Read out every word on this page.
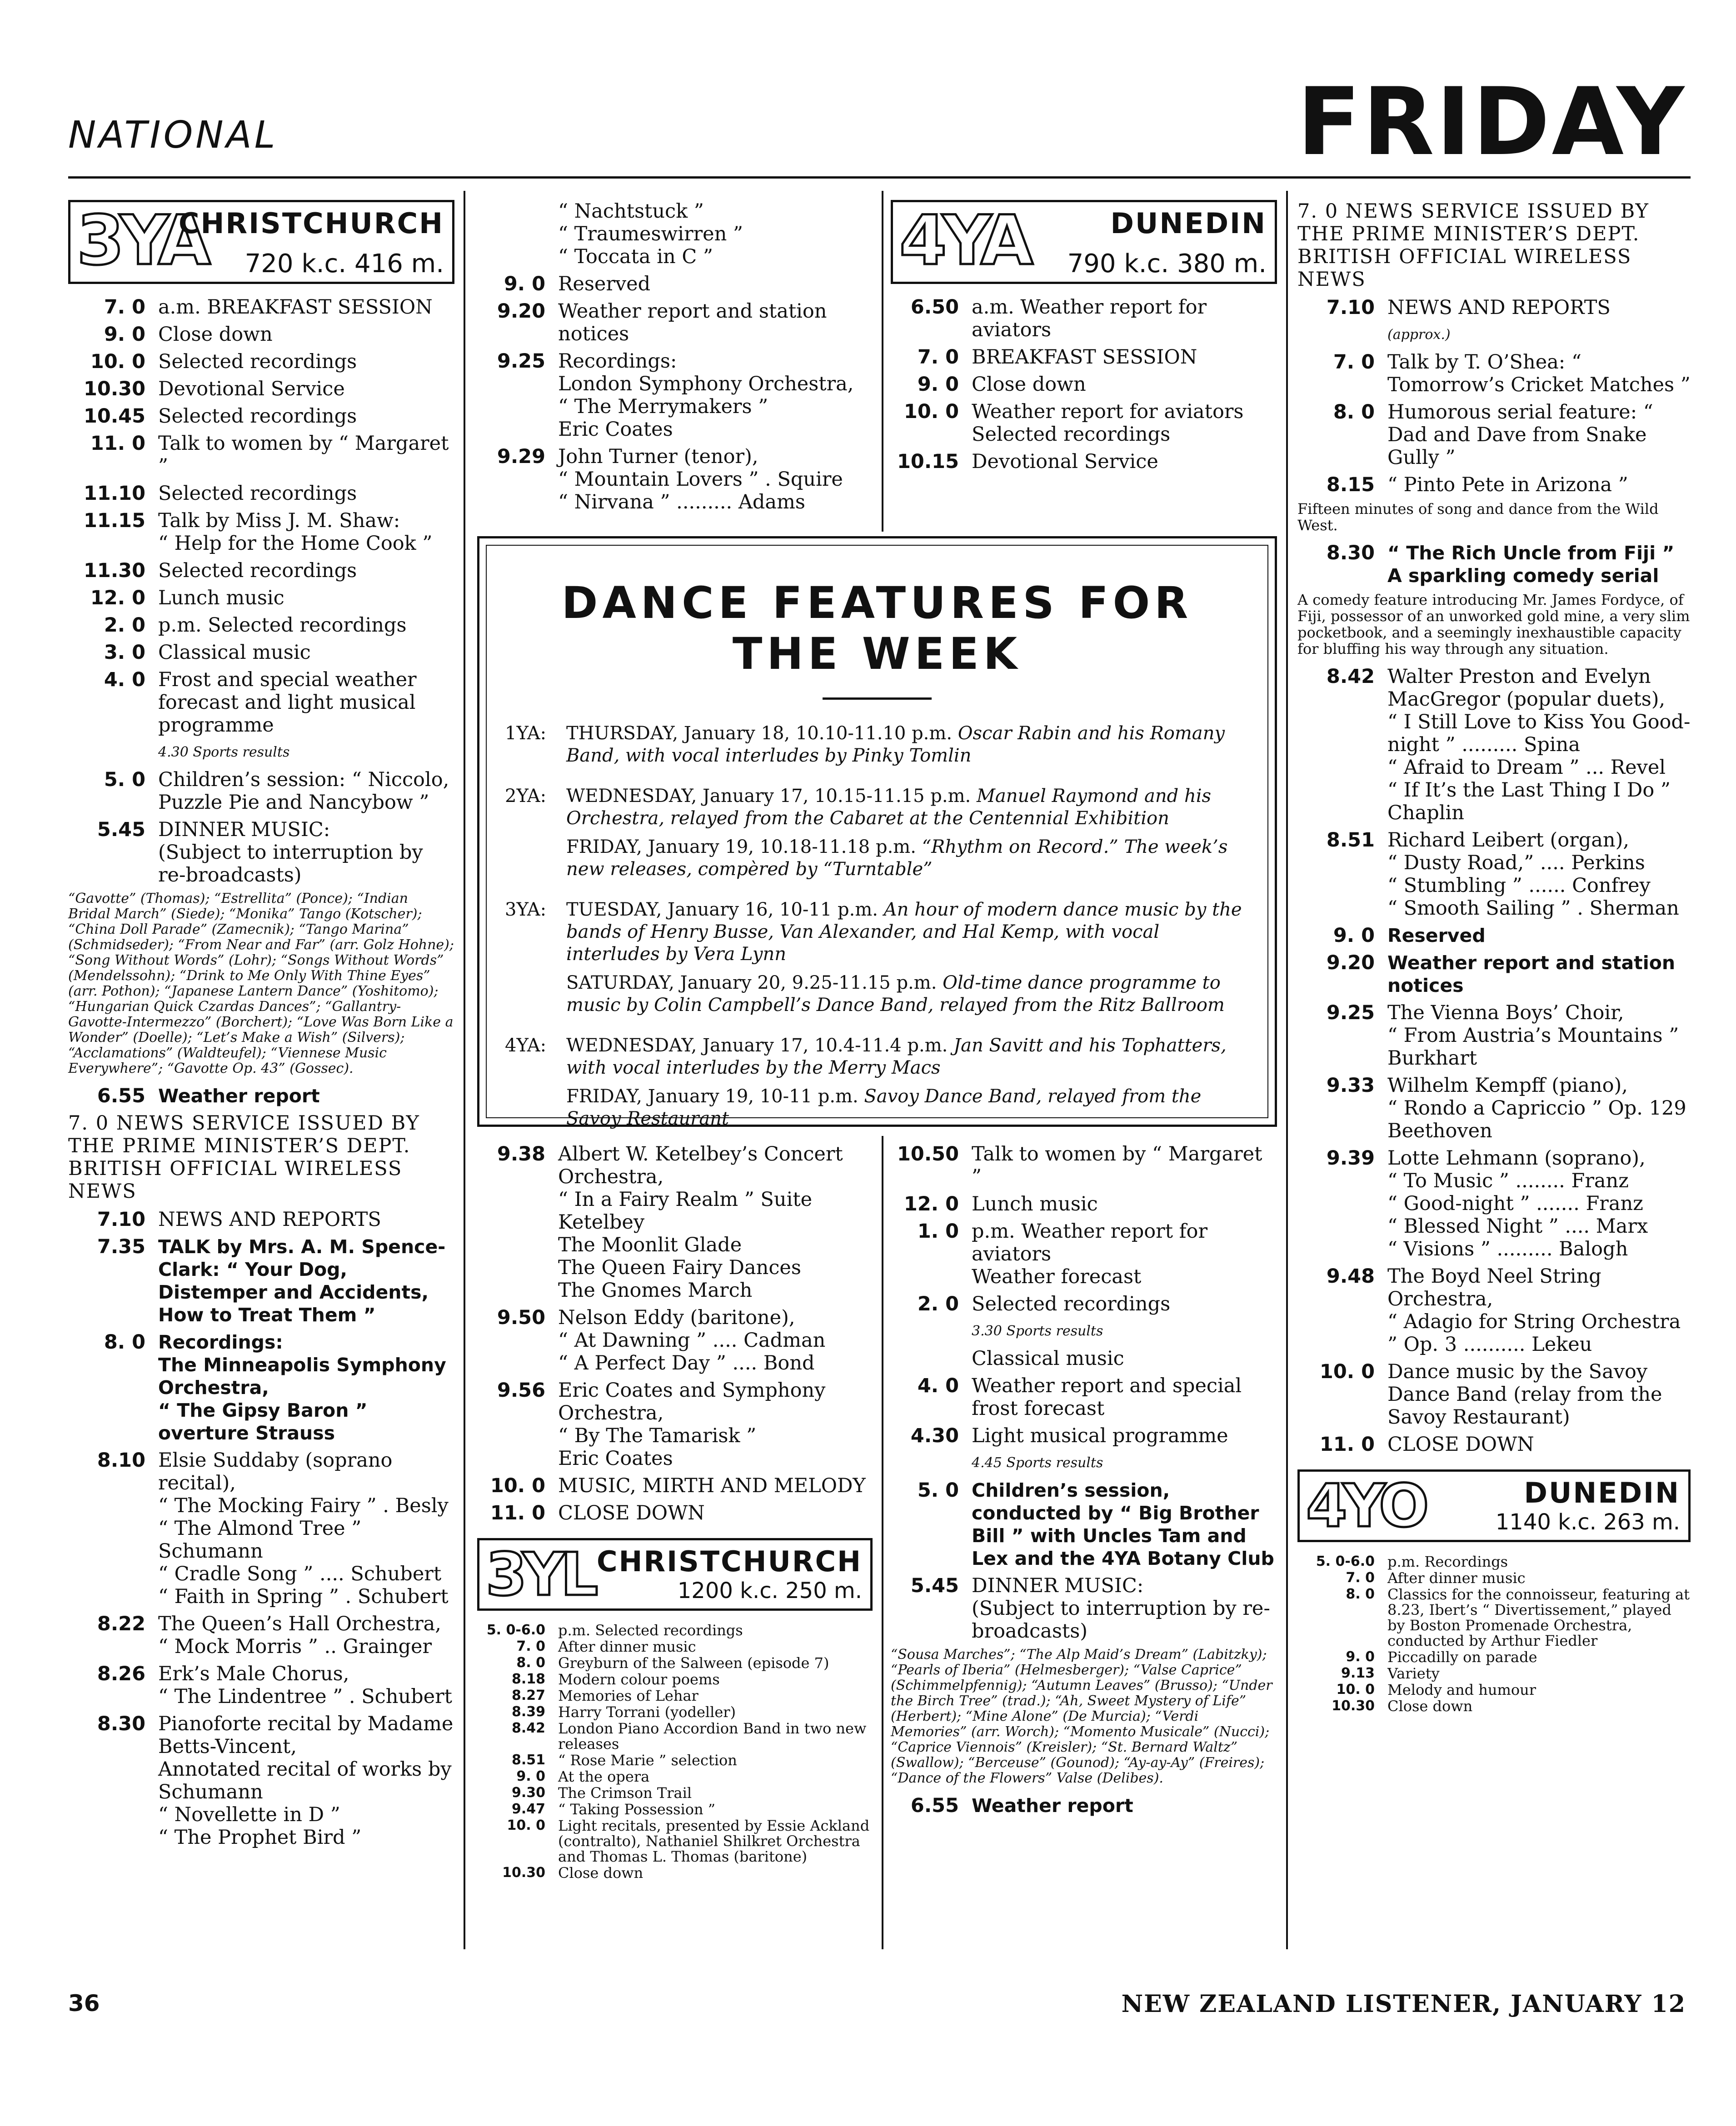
NATIONAL	FRIDAY
3YA
CHRISTCHURCH
720 k.c. 416 m.
7. 0 a.m. BREAKFAST SESSION
9. 0 Close down
10. 0 Selected recordings
10.30 Devotional Service
10.45 Selected recordings
11. 0 Talk to women by “ Margaret ”
11.10 Selected recordings
11.15 Talk by Miss J. M. Shaw:
“ Help for the Home Cook ”
11.30 Selected recordings
12. 0 Lunch music
2. 0 p.m. Selected recordings
3. 0 Classical music
4. 0 Frost and special weather forecast and light musical programme
4.30 Sports results
5. 0 Children’s session: “ Niccolo, Puzzle Pie and Nancybow ”
5.45 DINNER MUSIC:
(Subject to interruption by re-broadcasts)
“Gavotte” (Thomas); “Estrellita” (Ponce); “Indian Bridal March” (Siede); “Monika” Tango (Kotscher); “China Doll Parade” (Zamecnik); “Tango Marina” (Schmidseder); “From Near and Far” (arr. Golz Hohne); “Song Without Words” (Lohr); “Songs Without Words” (Mendelssohn); “Drink to Me Only With Thine Eyes” (arr. Pothon); “Japanese Lantern Dance” (Yoshitomo); “Hungarian Quick Czardas Dances”; “Gallantry-Gavotte-Intermezzo” (Borchert); “Love Was Born Like a Wonder” (Doelle); “Let’s Make a Wish” (Silvers); “Acclamations” (Waldteufel); “Viennese Music Everywhere”; “Gavotte Op. 43” (Gossec).
6.55 Weather report
7. 0 NEWS SERVICE ISSUED BY THE PRIME MINISTER’S DEPT. BRITISH OFFICIAL WIRELESS NEWS
7.10 NEWS AND REPORTS
7.35 TALK by Mrs. A. M. Spence-Clark: “ Your Dog, Distemper and Accidents, How to Treat Them ”
8. 0 Recordings:
The Minneapolis Symphony Orchestra,
“ The Gipsy Baron ” overture Strauss
8.10 Elsie Suddaby (soprano recital),
“ The Mocking Fairy ” . Besly
“ The Almond Tree ” Schumann
“ Cradle Song ” .... Schubert
“ Faith in Spring ” . Schubert
8.22 The Queen’s Hall Orchestra,
“ Mock Morris ” .. Grainger
8.26 Erk’s Male Chorus,
“ The Lindentree ” . Schubert
8.30 Pianoforte recital by Madame Betts-Vincent,
Annotated recital of works by Schumann
“ Novellette in D ”
“ The Prophet Bird ”
“ Nachtstuck ”
“ Traumeswirren ”
“ Toccata in C ”
9. 0 Reserved
9.20 Weather report and station notices
9.25 Recordings:
London Symphony Orchestra,
“ The Merrymakers ”
Eric Coates
9.29 John Turner (tenor),
“ Mountain Lovers ” . Squire
“ Nirvana ” ......... Adams
4YA	DUNEDIN
790 k.c. 380 m.
6.50 a.m. Weather report for aviators
7. 0 BREAKFAST SESSION
9. 0 Close down
10. 0 Weather report for aviators
Selected recordings
10.15 Devotional Service
DANCE FEATURES FOR THE WEEK
1YA:	THURSDAY, January 18, 10.10-11.10 p.m. Oscar Rabin and his Romany Band, with vocal interludes by Pinky Tomlin

2YA:	WEDNESDAY, January 17, 10.15-11.15 p.m. Manuel Raymond and his Orchestra, relayed from the Cabaret at the Centennial Exhibition

FRIDAY, January 19, 10.18-11.18 p.m. “Rhythm on Record.” The week’s new releases, compèred by “Turntable”

3YA:	TUESDAY, January 16, 10-11 p.m. An hour of modern dance music by the bands of Henry Busse, Van Alexander, and Hal Kemp, with vocal interludes by Vera Lynn

SATURDAY, January 20, 9.25-11.15 p.m. Old-time dance programme to music by Colin Campbell’s Dance Band, relayed from the Ritz Ballroom

4YA:	WEDNESDAY, January 17, 10.4-11.4 p.m. Jan Savitt and his Tophatters, with vocal interludes by the Merry Macs

FRIDAY, January 19, 10-11 p.m. Savoy Dance Band, relayed from the Savoy Restaurant

9.38 Albert W. Ketelbey’s Concert Orchestra,
“ In a Fairy Realm ” Suite Ketelbey
The Moonlit Glade
The Queen Fairy Dances
The Gnomes March
9.50 Nelson Eddy (baritone),
“ At Dawning ” .... Cadman
“ A Perfect Day ” .... Bond
9.56 Eric Coates and Symphony Orchestra,
“ By The Tamarisk ”
Eric Coates
10. 0 MUSIC, MIRTH AND MELODY
11. 0 CLOSE DOWN
3YL CHRISTCHURCH
1200 k.c. 250 m.
5. 0-6.0 p.m. Selected recordings
7. 0 After dinner music
8. 0 Greyburn of the Salween (episode 7)
8.18 Modern colour poems
8.27 Memories of Lehar
8.39 Harry Torrani (yodeller)
8.42 London Piano Accordion Band in two new releases
8.51 “ Rose Marie ” selection
9. 0 At the opera
9.30 The Crimson Trail
9.47 “ Taking Possession ”
10. 0 Light recitals, presented by Essie Ackland (contralto), Nathaniel Shilkret Orchestra and Thomas L. Thomas (baritone)
10.30 Close down
10.50 Talk to women by “ Margaret ”
12. 0 Lunch music
1. 0 p.m. Weather report for aviators
Weather forecast
2. 0 Selected recordings
3.30 Sports results
Classical music
4. 0 Weather report and special frost forecast
4.30 Light musical programme
4.45 Sports results
5. 0 Children’s session, conducted by “ Big Brother Bill ” with Uncles Tam and Lex and the 4YA Botany Club
5.45 DINNER MUSIC:
(Subject to interruption by re-broadcasts)
“Sousa Marches”; “The Alp Maid’s Dream” (Labitzky); “Pearls of Iberia” (Helmesberger); “Valse Caprice” (Schimmelpfennig); “Autumn Leaves” (Brusso); “Under the Birch Tree” (trad.); “Ah, Sweet Mystery of Life” (Herbert); “Mine Alone” (De Murcia); “Verdi Memories” (arr. Worch); “Momento Musicale” (Nucci); “Caprice Viennois” (Kreisler); “St. Bernard Waltz” (Swallow); “Berceuse” (Gounod); “Ay-ay-Ay” (Freires); “Dance of the Flowers” Valse (Delibes).
6.55 Weather report
7. 0 NEWS SERVICE ISSUED BY THE PRIME MINISTER’S DEPT. BRITISH OFFICIAL WIRELESS NEWS
7.10 NEWS AND REPORTS
(approx.)
7. 0 Talk by T. O’Shea: “ Tomorrow’s Cricket Matches ”
8. 0 Humorous serial feature: “ Dad and Dave from Snake Gully ”
8.15 “ Pinto Pete in Arizona ”
Fifteen minutes of song and dance from the Wild West.
8.30 “ The Rich Uncle from Fiji ”
A sparkling comedy serial
A comedy feature introducing Mr. James Fordyce, of Fiji, possessor of an unworked gold mine, a very slim pocketbook, and a seemingly inexhaustible capacity for bluffing his way through any situation.
8.42 Walter Preston and Evelyn MacGregor (popular duets),
“ I Still Love to Kiss You Good-night ” ......... Spina
“ Afraid to Dream ” ... Revel
“ If It’s the Last Thing I Do ” Chaplin
8.51 Richard Leibert (organ),
“ Dusty Road,” .... Perkins
“ Stumbling ” ...... Confrey
“ Smooth Sailing ” . Sherman
9. 0 Reserved
9.20 Weather report and station notices
9.25 The Vienna Boys’ Choir,
“ From Austria’s Mountains ” Burkhart
9.33 Wilhelm Kempff (piano),
“ Rondo a Capriccio ” Op. 129 Beethoven
9.39 Lotte Lehmann (soprano),
“ To Music ” ........ Franz
“ Good-night ” ....... Franz
“ Blessed Night ” .... Marx
“ Visions ” ......... Balogh
9.48 The Boyd Neel String Orchestra,
“ Adagio for String Orchestra ” Op. 3 .......... Lekeu
10. 0 Dance music by the Savoy Dance Band (relay from the Savoy Restaurant)
11. 0 CLOSE DOWN
4YO	DUNEDIN
1140 k.c. 263 m.
5. 0-6.0 p.m. Recordings
7. 0 After dinner music
8. 0 Classics for the connoisseur, featuring at 8.23, Ibert’s “ Divertissement,” played by Boston Promenade Orchestra, conducted by Arthur Fiedler
9. 0 Piccadilly on parade
9.13 Variety
10. 0 Melody and humour
10.30 Close down
36	NEW ZEALAND LISTENER, JANUARY 12
